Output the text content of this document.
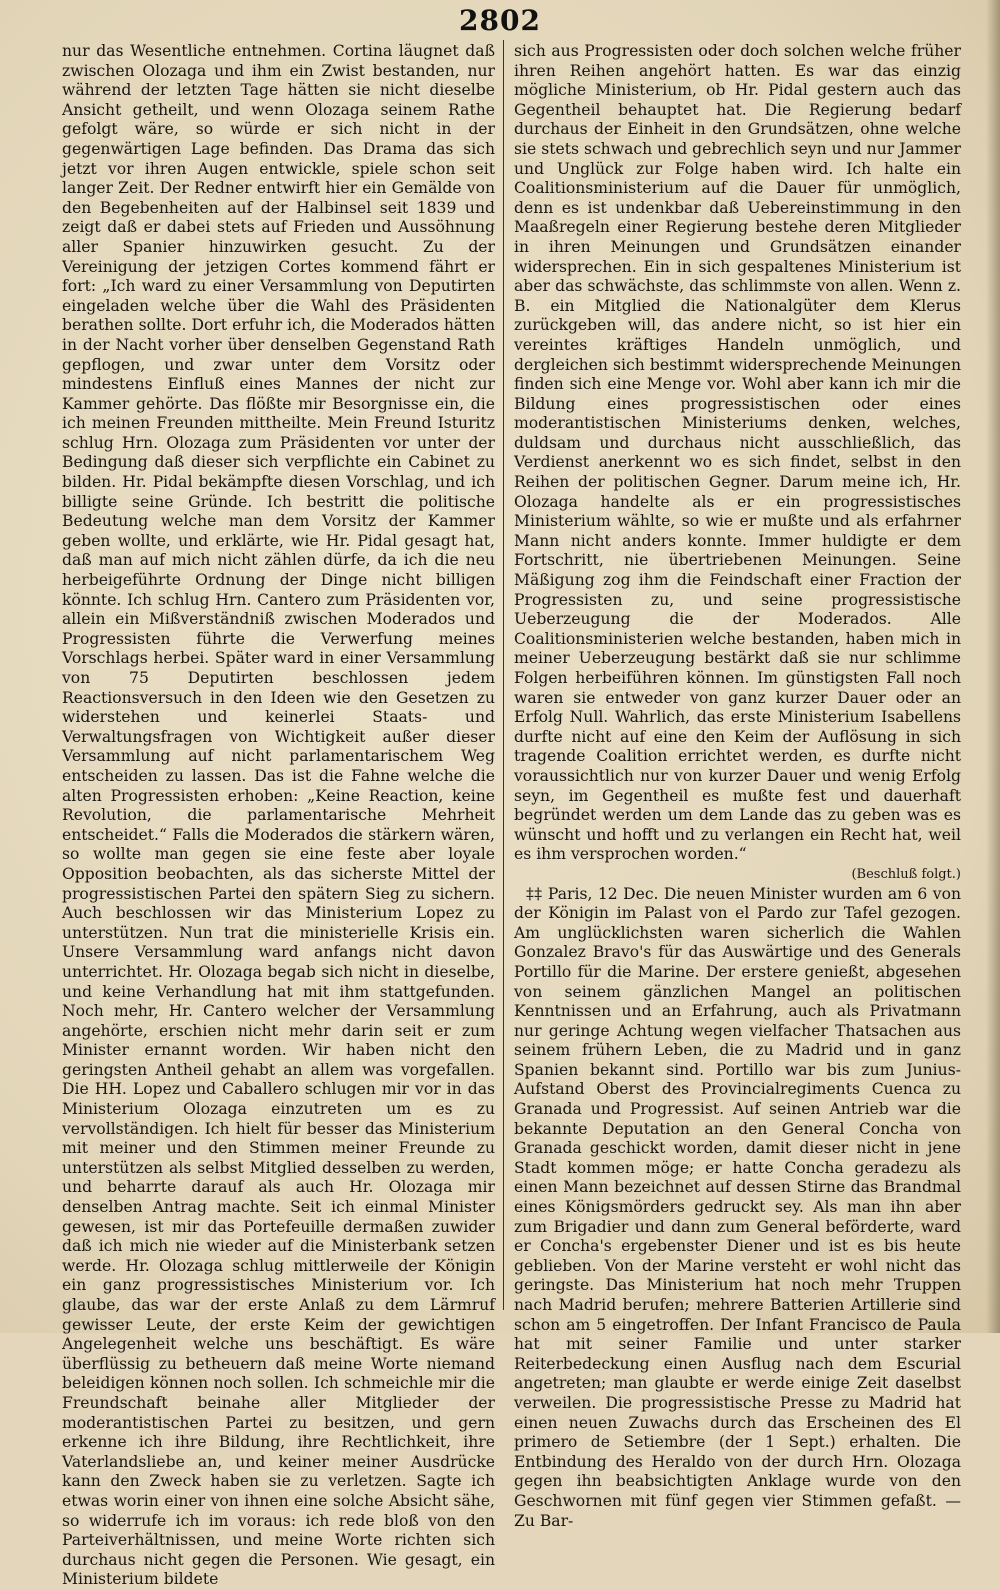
2802

nur das Wesentliche entnehmen. Cortina läugnet daß zwischen Olozaga und ihm ein Zwist bestanden, nur während der letzten Tage hätten sie nicht dieselbe Ansicht getheilt, und wenn Olozaga seinem Rathe gefolgt wäre, so würde er sich nicht in der gegenwärtigen Lage befinden. Das Drama das sich jetzt vor ihren Augen entwickle, spiele schon seit langer Zeit. Der Redner entwirft hier ein Gemälde von den Begebenheiten auf der Halbinsel seit 1839 und zeigt daß er dabei stets auf Frieden und Aussöhnung aller Spanier hinzuwirken gesucht. Zu der Vereinigung der jetzigen Cortes kommend fährt er fort: „Ich ward zu einer Versammlung von Deputirten eingeladen welche über die Wahl des Präsidenten berathen sollte. Dort erfuhr ich, die Moderados hätten in der Nacht vorher über denselben Gegenstand Rath gepflogen, und zwar unter dem Vorsitz oder mindestens Einfluß eines Mannes der nicht zur Kammer gehörte. Das flößte mir Besorgnisse ein, die ich meinen Freunden mittheilte. Mein Freund Isturitz schlug Hrn. Olozaga zum Präsidenten vor unter der Bedingung daß dieser sich verpflichte ein Cabinet zu bilden. Hr. Pidal bekämpfte diesen Vorschlag, und ich billigte seine Gründe. Ich bestritt die politische Bedeutung welche man dem Vorsitz der Kammer geben wollte, und erklärte, wie Hr. Pidal gesagt hat, daß man auf mich nicht zählen dürfe, da ich die neu herbeigeführte Ordnung der Dinge nicht billigen könnte. Ich schlug Hrn. Cantero zum Präsidenten vor, allein ein Mißverständniß zwischen Moderados und Progressisten führte die Verwerfung meines Vorschlags herbei. Später ward in einer Versammlung von 75 Deputirten beschlossen jedem Reactionsversuch in den Ideen wie den Gesetzen zu widerstehen und keinerlei Staats- und Verwaltungsfragen von Wichtigkeit außer dieser Versammlung auf nicht parlamentarischem Weg entscheiden zu lassen. Das ist die Fahne welche die alten Progressisten erhoben: „Keine Reaction, keine Revolution, die parlamentarische Mehrheit entscheidet.“ Falls die Moderados die stärkern wären, so wollte man gegen sie eine feste aber loyale Opposition beobachten, als das sicherste Mittel der progressistischen Partei den spätern Sieg zu sichern. Auch beschlossen wir das Ministerium Lopez zu unterstützen. Nun trat die ministerielle Krisis ein. Unsere Versammlung ward anfangs nicht davon unterrichtet. Hr. Olozaga begab sich nicht in dieselbe, und keine Verhandlung hat mit ihm stattgefunden. Noch mehr, Hr. Cantero welcher der Versammlung angehörte, erschien nicht mehr darin seit er zum Minister ernannt worden. Wir haben nicht den geringsten Antheil gehabt an allem was vorgefallen. Die HH. Lopez und Caballero schlugen mir vor in das Ministerium Olozaga einzutreten um es zu vervollständigen. Ich hielt für besser das Ministerium mit meiner und den Stimmen meiner Freunde zu unterstützen als selbst Mitglied desselben zu werden, und beharrte darauf als auch Hr. Olozaga mir denselben Antrag machte. Seit ich einmal Minister gewesen, ist mir das Portefeuille dermaßen zuwider daß ich mich nie wieder auf die Ministerbank setzen werde. Hr. Olozaga schlug mittlerweile der Königin ein ganz progressistisches Ministerium vor. Ich glaube, das war der erste Anlaß zu dem Lärmruf gewisser Leute, der erste Keim der gewichtigen Angelegenheit welche uns beschäftigt. Es wäre überflüssig zu betheuern daß meine Worte niemand beleidigen können noch sollen. Ich schmeichle mir die Freundschaft beinahe aller Mitglieder der moderantistischen Partei zu besitzen, und gern erkenne ich ihre Bildung, ihre Rechtlichkeit, ihre Vaterlandsliebe an, und keiner meiner Ausdrücke kann den Zweck haben sie zu verletzen. Sagte ich etwas worin einer von ihnen eine solche Absicht sähe, so widerrufe ich im voraus: ich rede bloß von den Parteiverhältnissen, und meine Worte richten sich durchaus nicht gegen die Personen. Wie gesagt, ein Ministerium bildete

sich aus Progressisten oder doch solchen welche früher ihren Reihen angehört hatten. Es war das einzig mögliche Ministerium, ob Hr. Pidal gestern auch das Gegentheil behauptet hat. Die Regierung bedarf durchaus der Einheit in den Grundsätzen, ohne welche sie stets schwach und gebrechlich seyn und nur Jammer und Unglück zur Folge haben wird. Ich halte ein Coalitionsministerium auf die Dauer für unmöglich, denn es ist undenkbar daß Uebereinstimmung in den Maaßregeln einer Regierung bestehe deren Mitglieder in ihren Meinungen und Grundsätzen einander widersprechen. Ein in sich gespaltenes Ministerium ist aber das schwächste, das schlimmste von allen. Wenn z. B. ein Mitglied die Nationalgüter dem Klerus zurückgeben will, das andere nicht, so ist hier ein vereintes kräftiges Handeln unmöglich, und dergleichen sich bestimmt widersprechende Meinungen finden sich eine Menge vor. Wohl aber kann ich mir die Bildung eines progressistischen oder eines moderantistischen Ministeriums denken, welches, duldsam und durchaus nicht ausschließlich, das Verdienst anerkennt wo es sich findet, selbst in den Reihen der politischen Gegner. Darum meine ich, Hr. Olozaga handelte als er ein progressistisches Ministerium wählte, so wie er mußte und als erfahrner Mann nicht anders konnte. Immer huldigte er dem Fortschritt, nie übertriebenen Meinungen. Seine Mäßigung zog ihm die Feindschaft einer Fraction der Progressisten zu, und seine progressistische Ueberzeugung die der Moderados. Alle Coalitionsministerien welche bestanden, haben mich in meiner Ueberzeugung bestärkt daß sie nur schlimme Folgen herbeiführen können. Im günstigsten Fall noch waren sie entweder von ganz kurzer Dauer oder an Erfolg Null. Wahrlich, das erste Ministerium Isabellens durfte nicht auf eine den Keim der Auflösung in sich tragende Coalition errichtet werden, es durfte nicht voraussichtlich nur von kurzer Dauer und wenig Erfolg seyn, im Gegentheil es mußte fest und dauerhaft begründet werden um dem Lande das zu geben was es wünscht und hofft und zu verlangen ein Recht hat, weil es ihm versprochen worden.“

(Beschluß folgt.)

‡‡ Paris, 12 Dec. Die neuen Minister wurden am 6 von der Königin im Palast von el Pardo zur Tafel gezogen. Am unglücklichsten waren sicherlich die Wahlen Gonzalez Bravo's für das Auswärtige und des Generals Portillo für die Marine. Der erstere genießt, abgesehen von seinem gänzlichen Mangel an politischen Kenntnissen und an Erfahrung, auch als Privatmann nur geringe Achtung wegen vielfacher Thatsachen aus seinem frühern Leben, die zu Madrid und in ganz Spanien bekannt sind. Portillo war bis zum Junius-Aufstand Oberst des Provincialregiments Cuenca zu Granada und Progressist. Auf seinen Antrieb war die bekannte Deputation an den General Concha von Granada geschickt worden, damit dieser nicht in jene Stadt kommen möge; er hatte Concha geradezu als einen Mann bezeichnet auf dessen Stirne das Brandmal eines Königsmörders gedruckt sey. Als man ihn aber zum Brigadier und dann zum General beförderte, ward er Concha's ergebenster Diener und ist es bis heute geblieben. Von der Marine versteht er wohl nicht das geringste. Das Ministerium hat noch mehr Truppen nach Madrid berufen; mehrere Batterien Artillerie sind schon am 5 eingetroffen. Der Infant Francisco de Paula hat mit seiner Familie und unter starker Reiterbedeckung einen Ausflug nach dem Escurial angetreten; man glaubte er werde einige Zeit daselbst verweilen. Die progressistische Presse zu Madrid hat einen neuen Zuwachs durch das Erscheinen des El primero de Setiembre (der 1 Sept.) erhalten. Die Entbindung des Heraldo von der durch Hrn. Olozaga gegen ihn beabsichtigten Anklage wurde von den Geschwornen mit fünf gegen vier Stimmen gefaßt. — Zu Bar-
